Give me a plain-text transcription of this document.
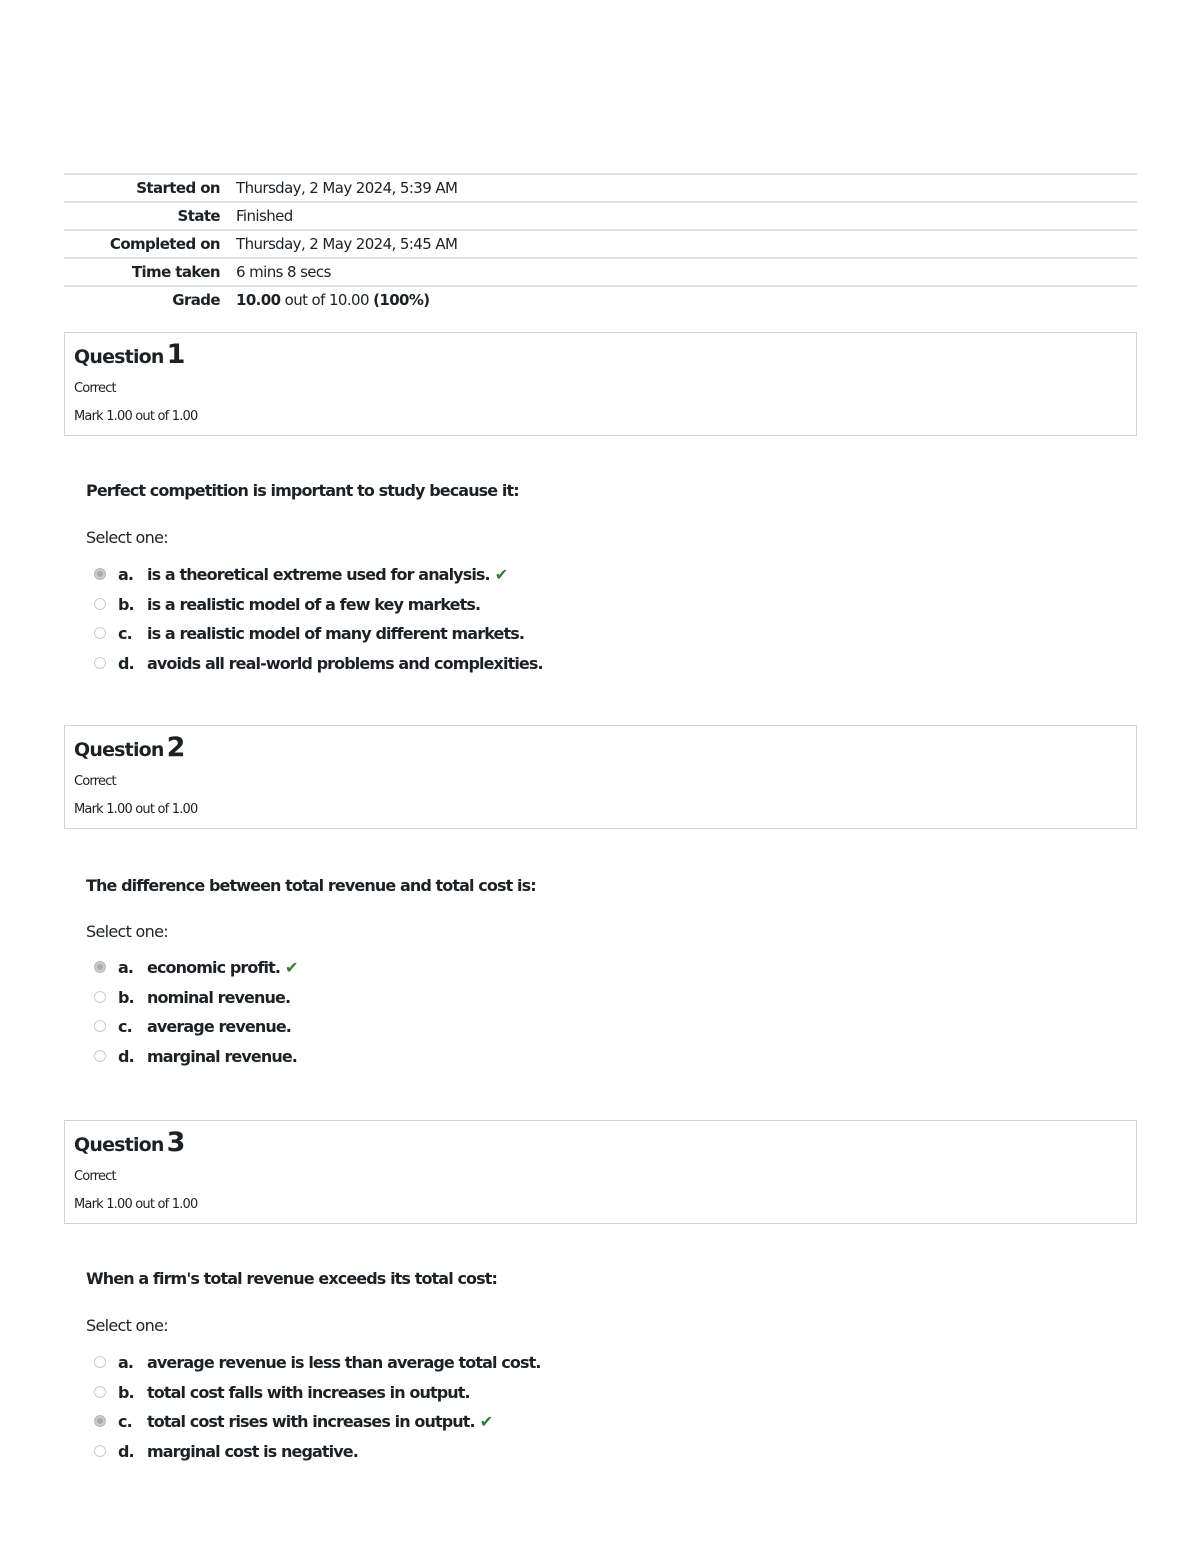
Started on	Thursday, 2 May 2024, 5:39 AM
State	Finished
Completed on	Thursday, 2 May 2024, 5:45 AM
Time taken	6 mins 8 secs
Grade	10.00 out of 10.00 (100%)
Question 1
Correct
Mark 1.00 out of 1.00
Perfect competition is important to study because it:
Select one:
a. is a theoretical extreme used for analysis. ✔
b. is a realistic model of a few key markets.
c. is a realistic model of many different markets.
d. avoids all real-world problems and complexities.
Question 2
Correct
Mark 1.00 out of 1.00
The difference between total revenue and total cost is:
Select one:
a. economic profit. ✔
b. nominal revenue.
c. average revenue.
d. marginal revenue.
Question 3
Correct
Mark 1.00 out of 1.00
When a firm's total revenue exceeds its total cost:
Select one:
a. average revenue is less than average total cost.
b. total cost falls with increases in output.
c. total cost rises with increases in output. ✔
d. marginal cost is negative.
